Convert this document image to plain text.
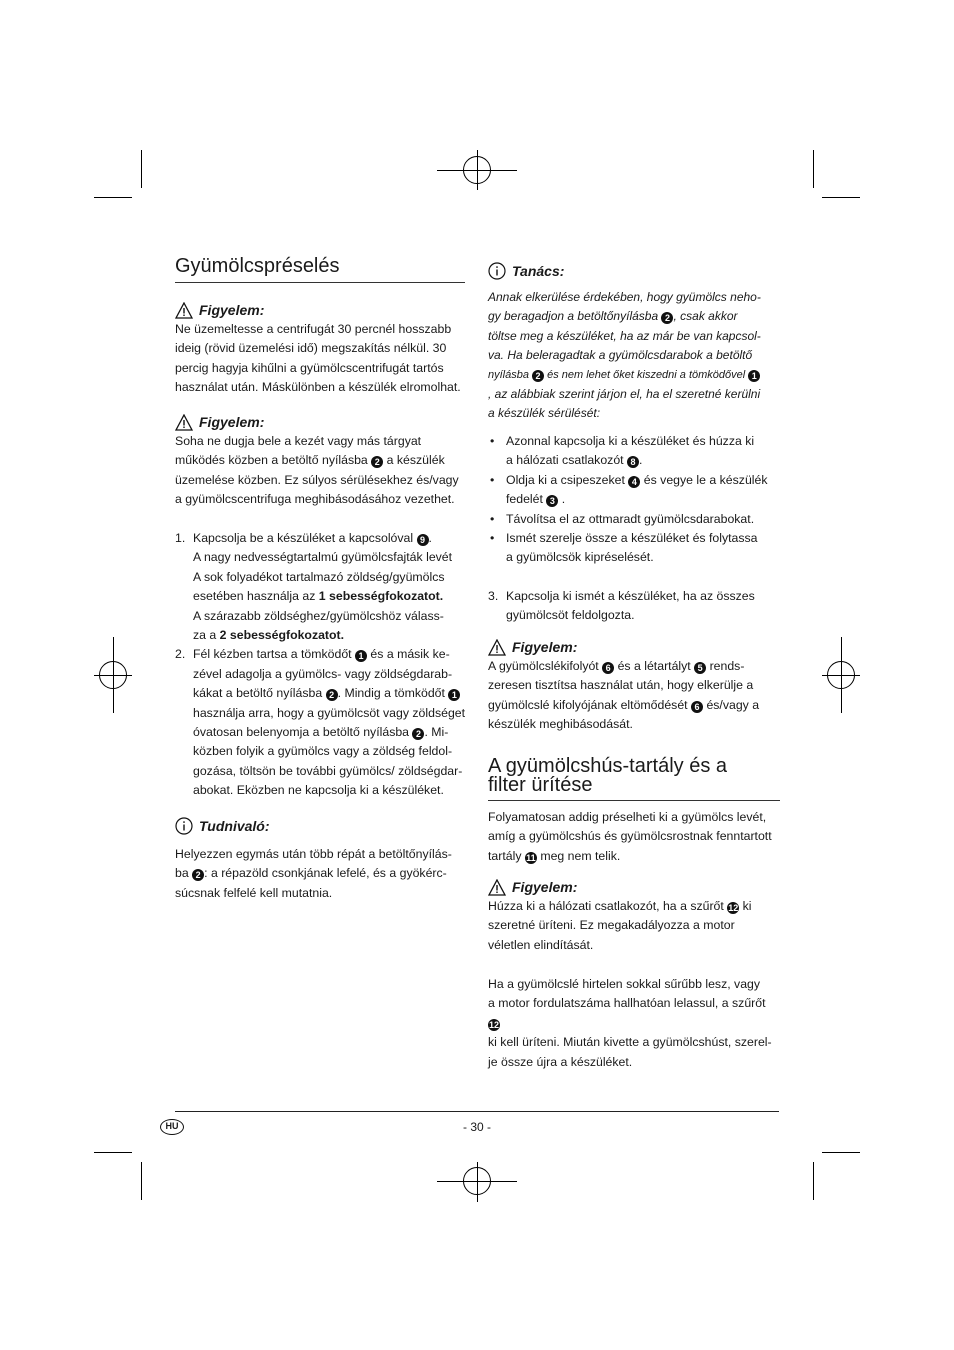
Gyümölcspréselés
Figyelem:

Ne üzemeltesse a centrifugát 30 percnél hosszabb

ideig (rövid üzemelési idő) megszakítás nélkül. 30

percig hagyja kihűlni a gyümölcscentrifugát tartós

használat után. Máskülönben a készülék elromolhat.

Figyelem:

Soha ne dugja bele a kezét vagy más tárgyat

működés közben a betöltő nyílásba 2 a készülék

üzemelése közben. Ez súlyos sérülésekhez és/vagy

a gyümölcscentrifuga meghibásodásához vezethet.

1. Kapcsolja be a készüléket a kapcsolóval 9 .
A nagy nedvességtartalmú gyümölcsfajták levét
A sok folyadékot tartalmazó zöldség/gyümölcs
esetében használja az 1 sebességfokozatot.
A szárazabb zöldséghez/gyümölcshöz válass-
za a 2 sebességfokozatot.
2. Fél kézben tartsa a tömködőt 1 és a másik ke-
zével adagolja a gyümölcs- vagy zöldségdarab-
kákat a betöltő nyílásba 2 . Mindig a tömködőt 1
használja arra, hogy a gyümölcsöt vagy zöldséget
óvatosan belenyomja a betöltő nyílásba 2 . Mi-
közben folyik a gyümölcs vagy a zöldség feldol-
gozása, töltsön be további gyümölcs/ zöldségdar-
abokat. Eközben ne kapcsolja ki a készüléket.
Tudnivaló:

Helyezzen egymás után több répát a betöltőnyílás-

ba 2 : a répazöld csonkjának lefelé, és a gyökérc-

súcsnak felfelé kell mutatnia.

Tanács:

Annak elkerülése érdekében, hogy gyümölcs neho-

gy beragadjon a betöltőnyílásba 2 , csak akkor

töltse meg a készüléket, ha az már be van kapcsol-

va. Ha beleragadtak a gyümölcsdarabok a betöltő

nyílásba 2 és nem lehet őket kiszedni a tömködővel 1

, az alábbiak szerint járjon el, ha el szeretné kerülni

a készülék sérülését:

• Azonnal kapcsolja ki a készüléket és húzza ki
a hálózati csatlakozót 8 .
• Oldja ki a csipeszeket 4 és vegye le a készülék
fedelét 3 .
• Távolítsa el az ottmaradt gyümölcsdarabokat.
• Ismét szerelje össze a készüléket és folytassa
a gyümölcsök kipréselését.
3. Kapcsolja ki ismét a készüléket, ha az összes
gyümölcsöt feldolgozta.
Figyelem:

A gyümölcslékifolyót 6 és a létartályt 5 rends-

zeresen tisztítsa használat után, hogy elkerülje a

gyümölcslé kifolyójának eltömődését 6 és/vagy a

készülék meghibásodását.

A gyümölcshús-tartály és a
filter ürítése

Folyamatosan addig préselheti ki a gyümölcs levét,

amíg a gyümölcshús és gyümölcsrostnak fenntartott

tartály 11 meg nem telik.

Figyelem:

Húzza ki a hálózati csatlakozót, ha a szűrőt 12 ki

szeretné üríteni. Ez megakadályozza a motor

véletlen elindítását.

Ha a gyümölcslé hirtelen sokkal sűrűbb lesz, vagy

a motor fordulatszáma hallhatóan lelassul, a szűrőt 12

ki kell üríteni. Miután kivette a gyümölcshúst, szerel-

je össze újra a készüléket.

HU	- 30 -
